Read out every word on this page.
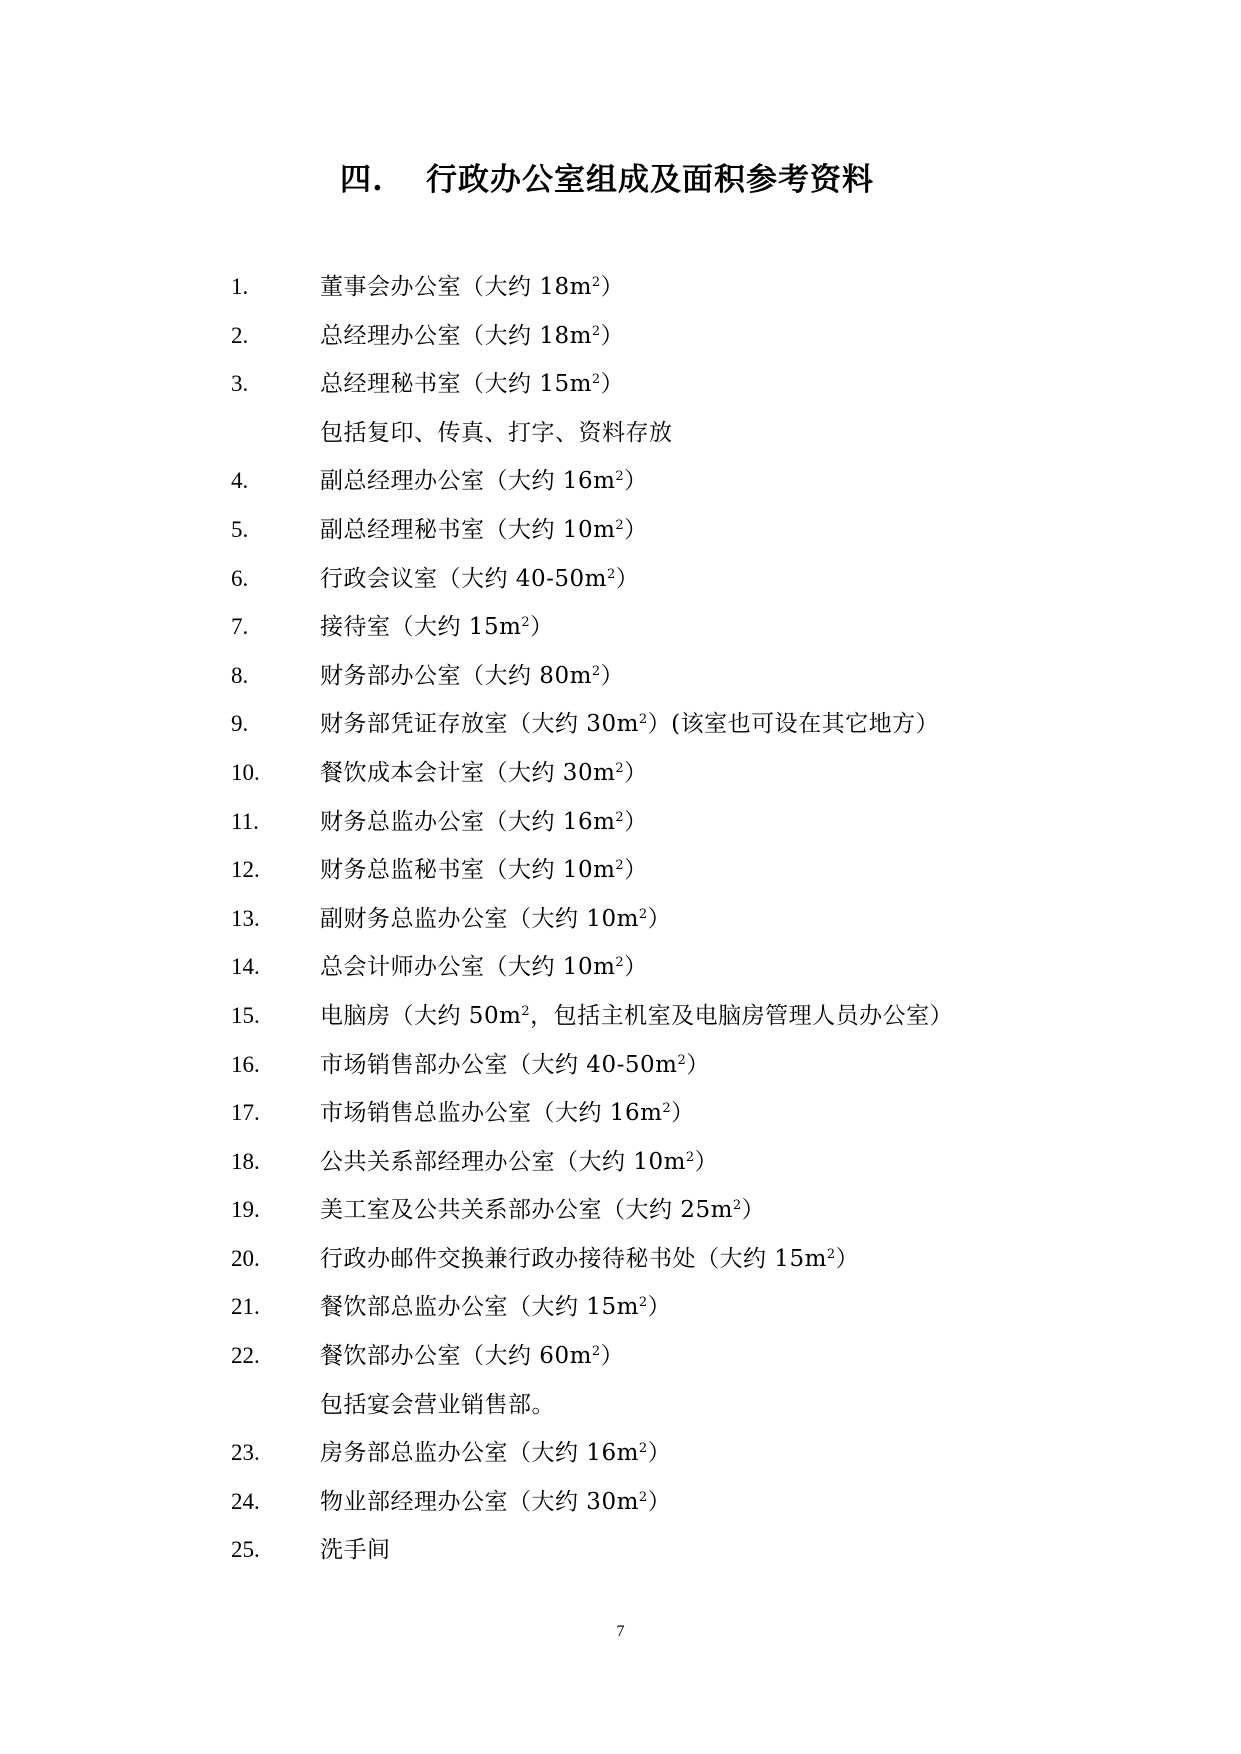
四. 行政办公室组成及面积参考资料
1.	董事会办公室（大约 $18m^2$）
2.	总经理办公室（大约 $18m^2$）
3.	总经理秘书室（大约 $15m^2$）
包括复印、传真、打字、资料存放
4.	副总经理办公室（大约 $16m^2$）
5.	副总经理秘书室（大约 $10m^2$）
6.	行政会议室（大约 $40-50m^2$）
7.	接待室（大约 $15m^2$）
8.	财务部办公室（大约 $80m^2$）
9.	财务部凭证存放室（大约 $30m^2$）(该室也可设在其它地方）
10.	餐饮成本会计室（大约 $30m^2$）
11.	财务总监办公室（大约 $16m^2$）
12.	财务总监秘书室（大约 $10m^2$）
13.	副财务总监办公室（大约 $10m^2$）
14.	总会计师办公室（大约 $10m^2$）
15.	电脑房（大约 $50m^2$，包括主机室及电脑房管理人员办公室）
16.	市场销售部办公室（大约 $40-50m^2$）
17.	市场销售总监办公室（大约 $16m^2$）
18.	公共关系部经理办公室（大约 $10m^2$）
19.	美工室及公共关系部办公室（大约 $25m^2$）
20.	行政办邮件交换兼行政办接待秘书处（大约 $15m^2$）
21.	餐饮部总监办公室（大约 $15m^2$）
22.	餐饮部办公室（大约 $60m^2$）
包括宴会营业销售部。
23.	房务部总监办公室（大约 $16m^2$）
24.	物业部经理办公室（大约 $30m^2$）
25.	洗手间
7
